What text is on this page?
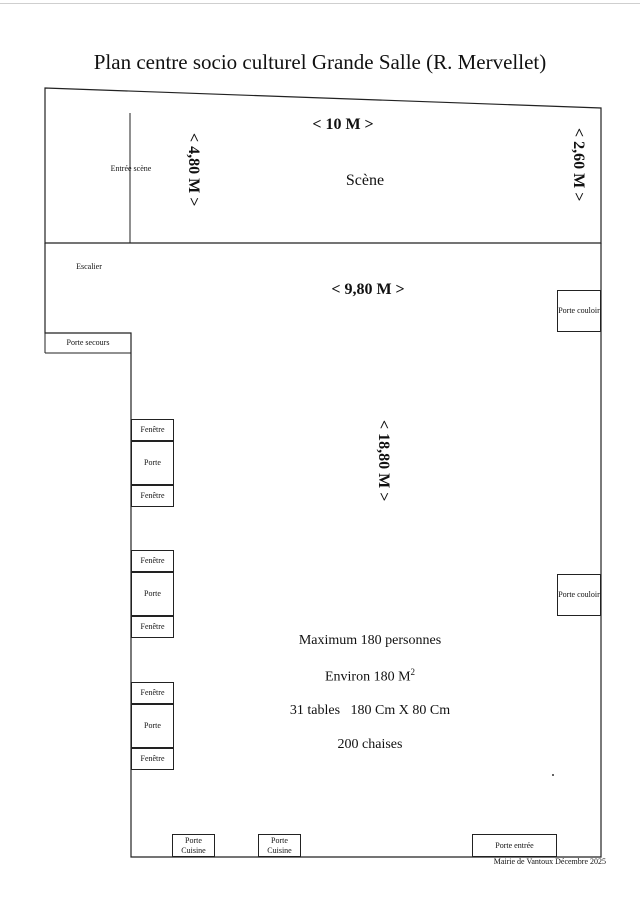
Plan centre socio culturel Grande Salle (R. Mervellet)
Entrée scène
< 10 M >
< 4,80 M >	< 2,60 M >
Scène
Escalier
< 9,80 M >
Porte secours
< 18,80 M >
Porte couloir
Porte couloir
Fenêtre
Porte
Fenêtre
Fenêtre
Porte
Fenêtre
Fenêtre
Porte
Fenêtre
Porte Cuisine
Porte Cuisine
Porte entrée
Maximum 180 personnes
Environ 180 $M^2$
31 tables   180 Cm X 80 Cm
200 chaises
Mairie de Vantoux Décembre 2025
